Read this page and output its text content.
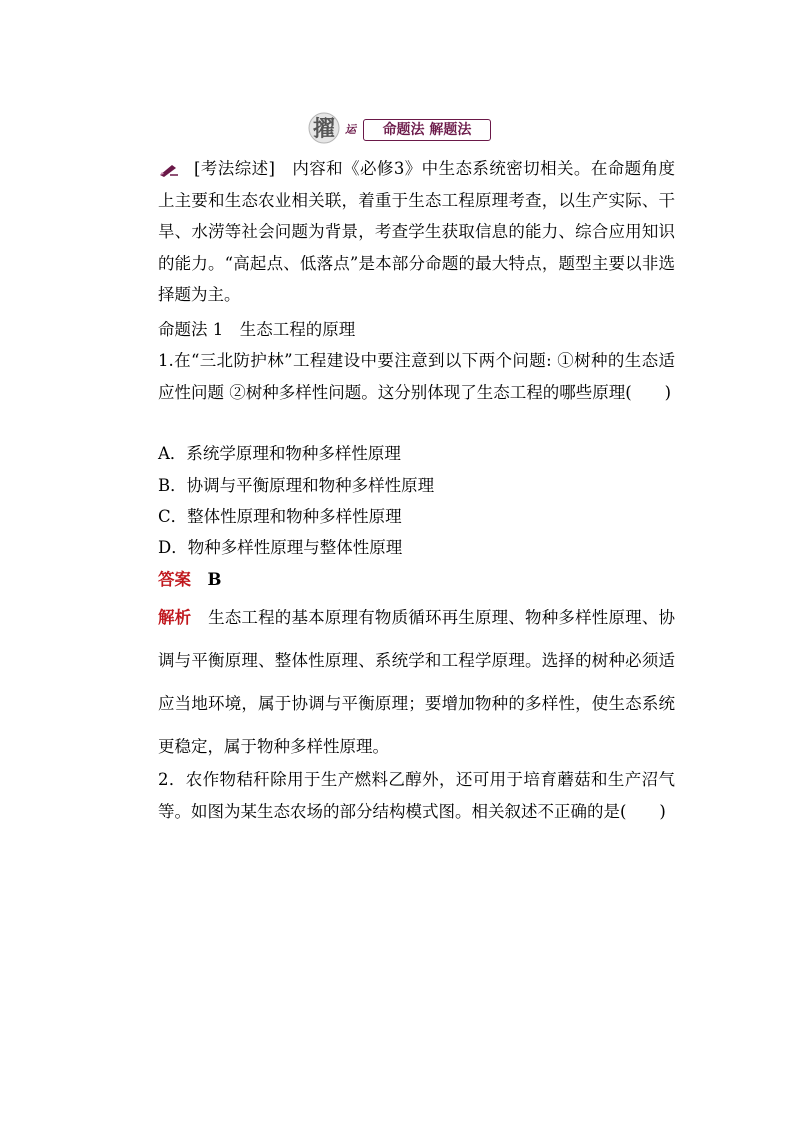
擢 运	命题法 解题法

[考法综述]　 内容和《必修3》中生态系统密切相关。在命题角度上主要和生态农业相关联，着重于生态工程原理考查，以生产实际、干旱、水涝等社会问题为背景，考查学生获取信息的能力、综合应用知识的能力。“高起点、低落点”是本部分命题的最大特点，题型主要以非选择题为主。

命题法 1　生态工程的原理

1.在“三北防护林”工程建设中要注意到以下两个问题: ①树种的生态适应性问题 ②树种多样性问题。这分别体现了生态工程的哪些原理(　　)

A．系统学原理和物种多样性原理
B．协调与平衡原理和物种多样性原理
C．整体性原理和物种多样性原理
D．物种多样性原理与整体性原理
答案　 B

解析　 生态工程的基本原理有物质循环再生原理、物种多样性原理、协调与平衡原理、整体性原理、系统学和工程学原理。选择的树种必须适应当地环境，属于协调与平衡原理；要增加物种的多样性，使生态系统更稳定，属于物种多样性原理。

2．农作物秸秆除用于生产燃料乙醇外，还可用于培育蘑菇和生产沼气等。如图为某生态农场的部分结构模式图。相关叙述不正确的是(　　)
